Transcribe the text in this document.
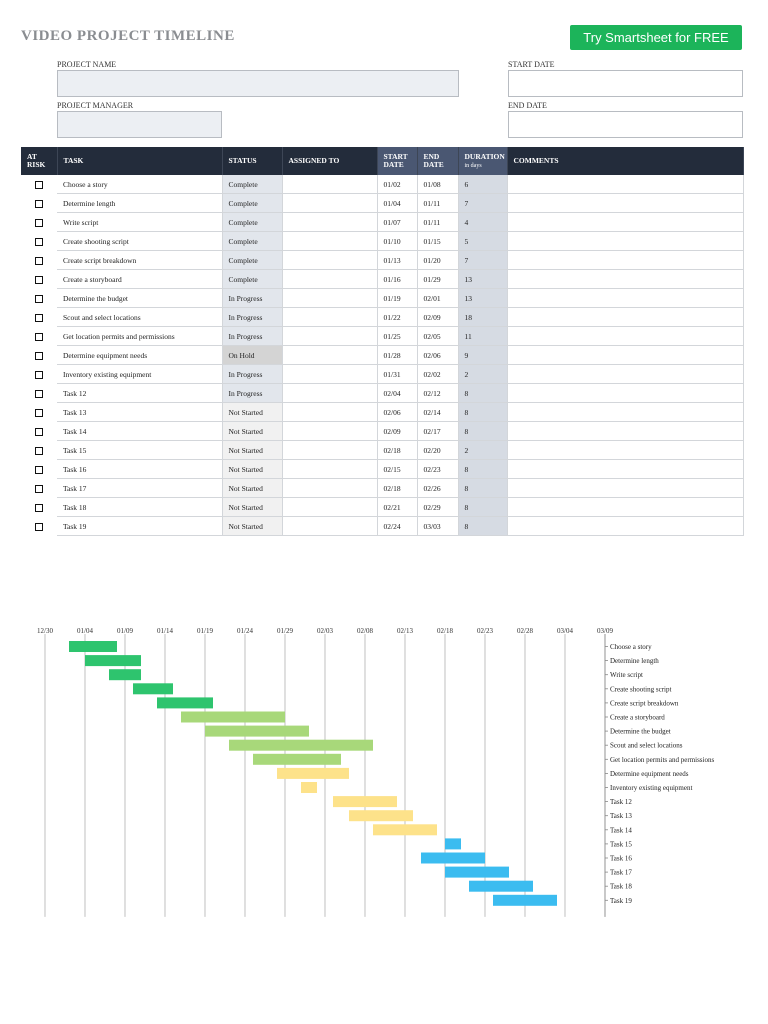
VIDEO PROJECT TIMELINE	Try Smartsheet for FREE
PROJECT NAME
PROJECT MANAGER
START DATE
END DATE
AT RISK	TASK	STATUS	ASSIGNED TO	START DATE	END DATE	DURATION
in days	COMMENTS

	Choose a story	Complete		01/02	01/08	6	

	Determine length	Complete		01/04	01/11	7	

	Write script	Complete		01/07	01/11	4	

	Create shooting script	Complete		01/10	01/15	5	

	Create script breakdown	Complete		01/13	01/20	7	

	Create a storyboard	Complete		01/16	01/29	13	

	Determine the budget	In Progress		01/19	02/01	13	

	Scout and select locations	In Progress		01/22	02/09	18	

	Get location permits and permissions	In Progress		01/25	02/05	11	

	Determine equipment needs	On Hold		01/28	02/06	9	

	Inventory existing equipment	In Progress		01/31	02/02	2	

	Task 12	In Progress		02/04	02/12	8	

	Task 13	Not Started		02/06	02/14	8	

	Task 14	Not Started		02/09	02/17	8	

	Task 15	Not Started		02/18	02/20	2	

	Task 16	Not Started		02/15	02/23	8	

	Task 17	Not Started		02/18	02/26	8	

	Task 18	Not Started		02/21	02/29	8	

	Task 19	Not Started		02/24	03/03	8	
12/30	01/04	01/09	01/14	01/19	01/24	01/29	02/03	02/08	02/13	02/18	02/23	02/28	03/04	03/09
Choose a story
Determine length
Write script
Create shooting script
Create script breakdown
Create a storyboard
Determine the budget
Scout and select locations
Get location permits and permissions
Determine equipment needs
Inventory existing equipment
Task 12
Task 13
Task 14
Task 15
Task 16
Task 17
Task 18
Task 19
